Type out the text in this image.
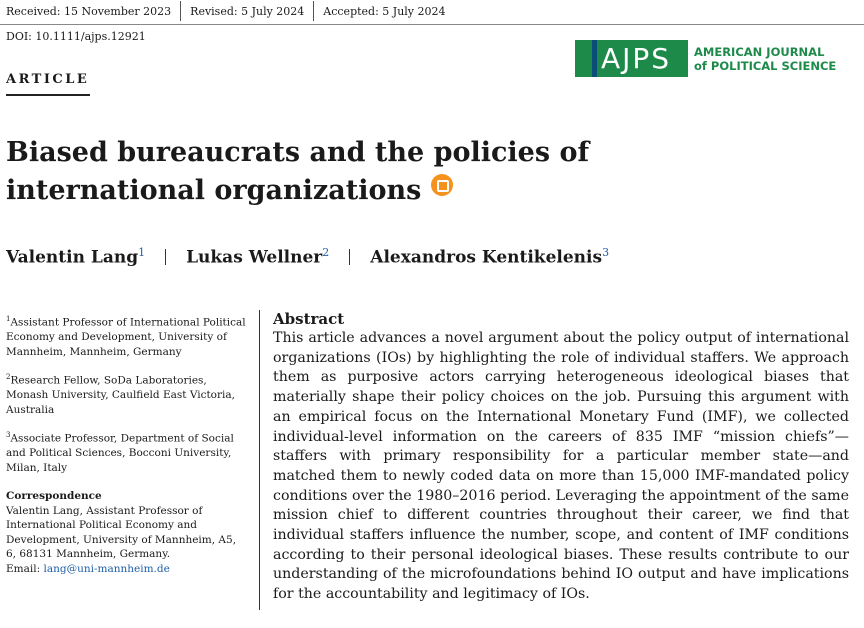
Received: 15 November 2023	Revised: 5 July 2024	Accepted: 5 July 2024
DOI: 10.1111/ajps.12921
AJPS AMERICAN JOURNAL
of POLITICAL SCIENCE
ARTICLE
Biased bureaucrats and the policies of international organizations
Valentin Lang$^1$ Lukas Wellner$^2$ Alexandros Kentikelenis$^3$

$^1$Assistant Professor of International Political Economy and Development, University of Mannheim, Mannheim, Germany

$^2$Research Fellow, SoDa Laboratories, Monash University, Caulfield East Victoria, Australia

$^3$Associate Professor, Department of Social and Political Sciences, Bocconi University, Milan, Italy

Correspondence
Valentin Lang, Assistant Professor of International Political Economy and Development, University of Mannheim, A5, 6, 68131 Mannheim, Germany.
Email: lang@uni-mannheim.de
Abstract

This article advances a novel argument about the policy output of international organizations (IOs) by highlighting the role of individual staffers. We approach them as purposive actors carrying heterogeneous ideological biases that materially shape their policy choices on the job. Pursuing this argument with an empirical focus on the International Monetary Fund (IMF), we collected individual-level information on the careers of 835 IMF “mission chiefs”—staffers with primary responsibility for a particular member state—and matched them to newly coded data on more than 15,000 IMF-mandated policy conditions over the 1980–2016 period. Leveraging the appointment of the same mission chief to different countries throughout their career, we find that individual staffers influence the number, scope, and content of IMF conditions according to their personal ideological biases. These results contribute to our understanding of the microfoundations behind IO output and have implications for the accountability and legitimacy of IOs.
